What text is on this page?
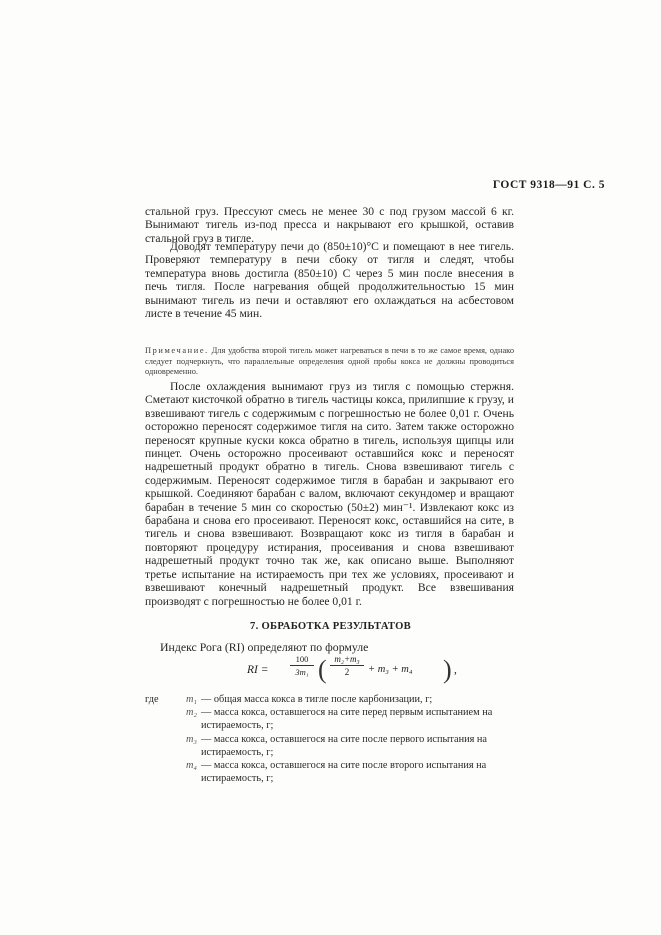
ГОСТ 9318—91 С. 5
стальной груз. Прессуют смесь не менее 30 с под грузом массой 6 кг. Вынимают тигель из-под пресса и накрывают его крышкой, оставив стальной груз в тигле.
Доводят температуру печи до (850±10)°С и помещают в нее тигель. Проверяют температуру в печи сбоку от тигля и следят, чтобы температура вновь достигла (850±10) С через 5 мин после внесения в печь тигля. После нагревания общей продолжительностью 15 мин вынимают тигель из печи и оставляют его охлаждаться на асбестовом листе в течение 45 мин.
Примечание. Для удобства второй тигель может нагреваться в печи в то же самое время, однако следует подчеркнуть, что параллельные определения одной пробы кокса не должны проводиться одновременно.
После охлаждения вынимают груз из тигля с помощью стержня. Сметают кисточкой обратно в тигель частицы кокса, прилипшие к грузу, и взвешивают тигель с содержимым с погрешностью не более 0,01 г. Очень осторожно переносят содержимое тигля на сито. Затем также осторожно переносят крупные куски кокса обратно в тигель, используя щипцы или пинцет. Очень осторожно просеивают оставшийся кокс и переносят надрешетный продукт обратно в тигель. Снова взвешивают тигель с содержимым. Переносят содержимое тигля в барабан и закрывают его крышкой. Соединяют барабан с валом, включают секундомер и вращают барабан в течение 5 мин со скоростью (50±2) мин⁻¹. Извлекают кокс из барабана и снова его просеивают. Переносят кокс, оставшийся на сите, в тигель и снова взвешивают. Возвращают кокс из тигля в барабан и повторяют процедуру истирания, просеивания и снова взвешивают надрешетный продукт точно так же, как описано выше. Выполняют третье испытание на истираемость при тех же условиях, просеивают и взвешивают конечный надрешетный продукт. Все взвешивания производят с погрешностью не более 0,01 г.
7. ОБРАБОТКА РЕЗУЛЬТАТОВ
Индекс Рога (RI) определяют по формуле
RI =	$\frac{100}{\text{3m₁}}$ ( $\frac{\text{m₂+m₃}}{2} + m_3 + m_4$ ) ,
где	m₁ — общая масса кокса в тигле после карбонизации, г;
m₂ — масса кокса, оставшегося на сите перед первым испытанием на истираемость, г;
m₃ — масса кокса, оставшегося на сите после первого испытания на истираемость, г;
m₄ — масса кокса, оставшегося на сите после второго испытания на истираемость, г;
